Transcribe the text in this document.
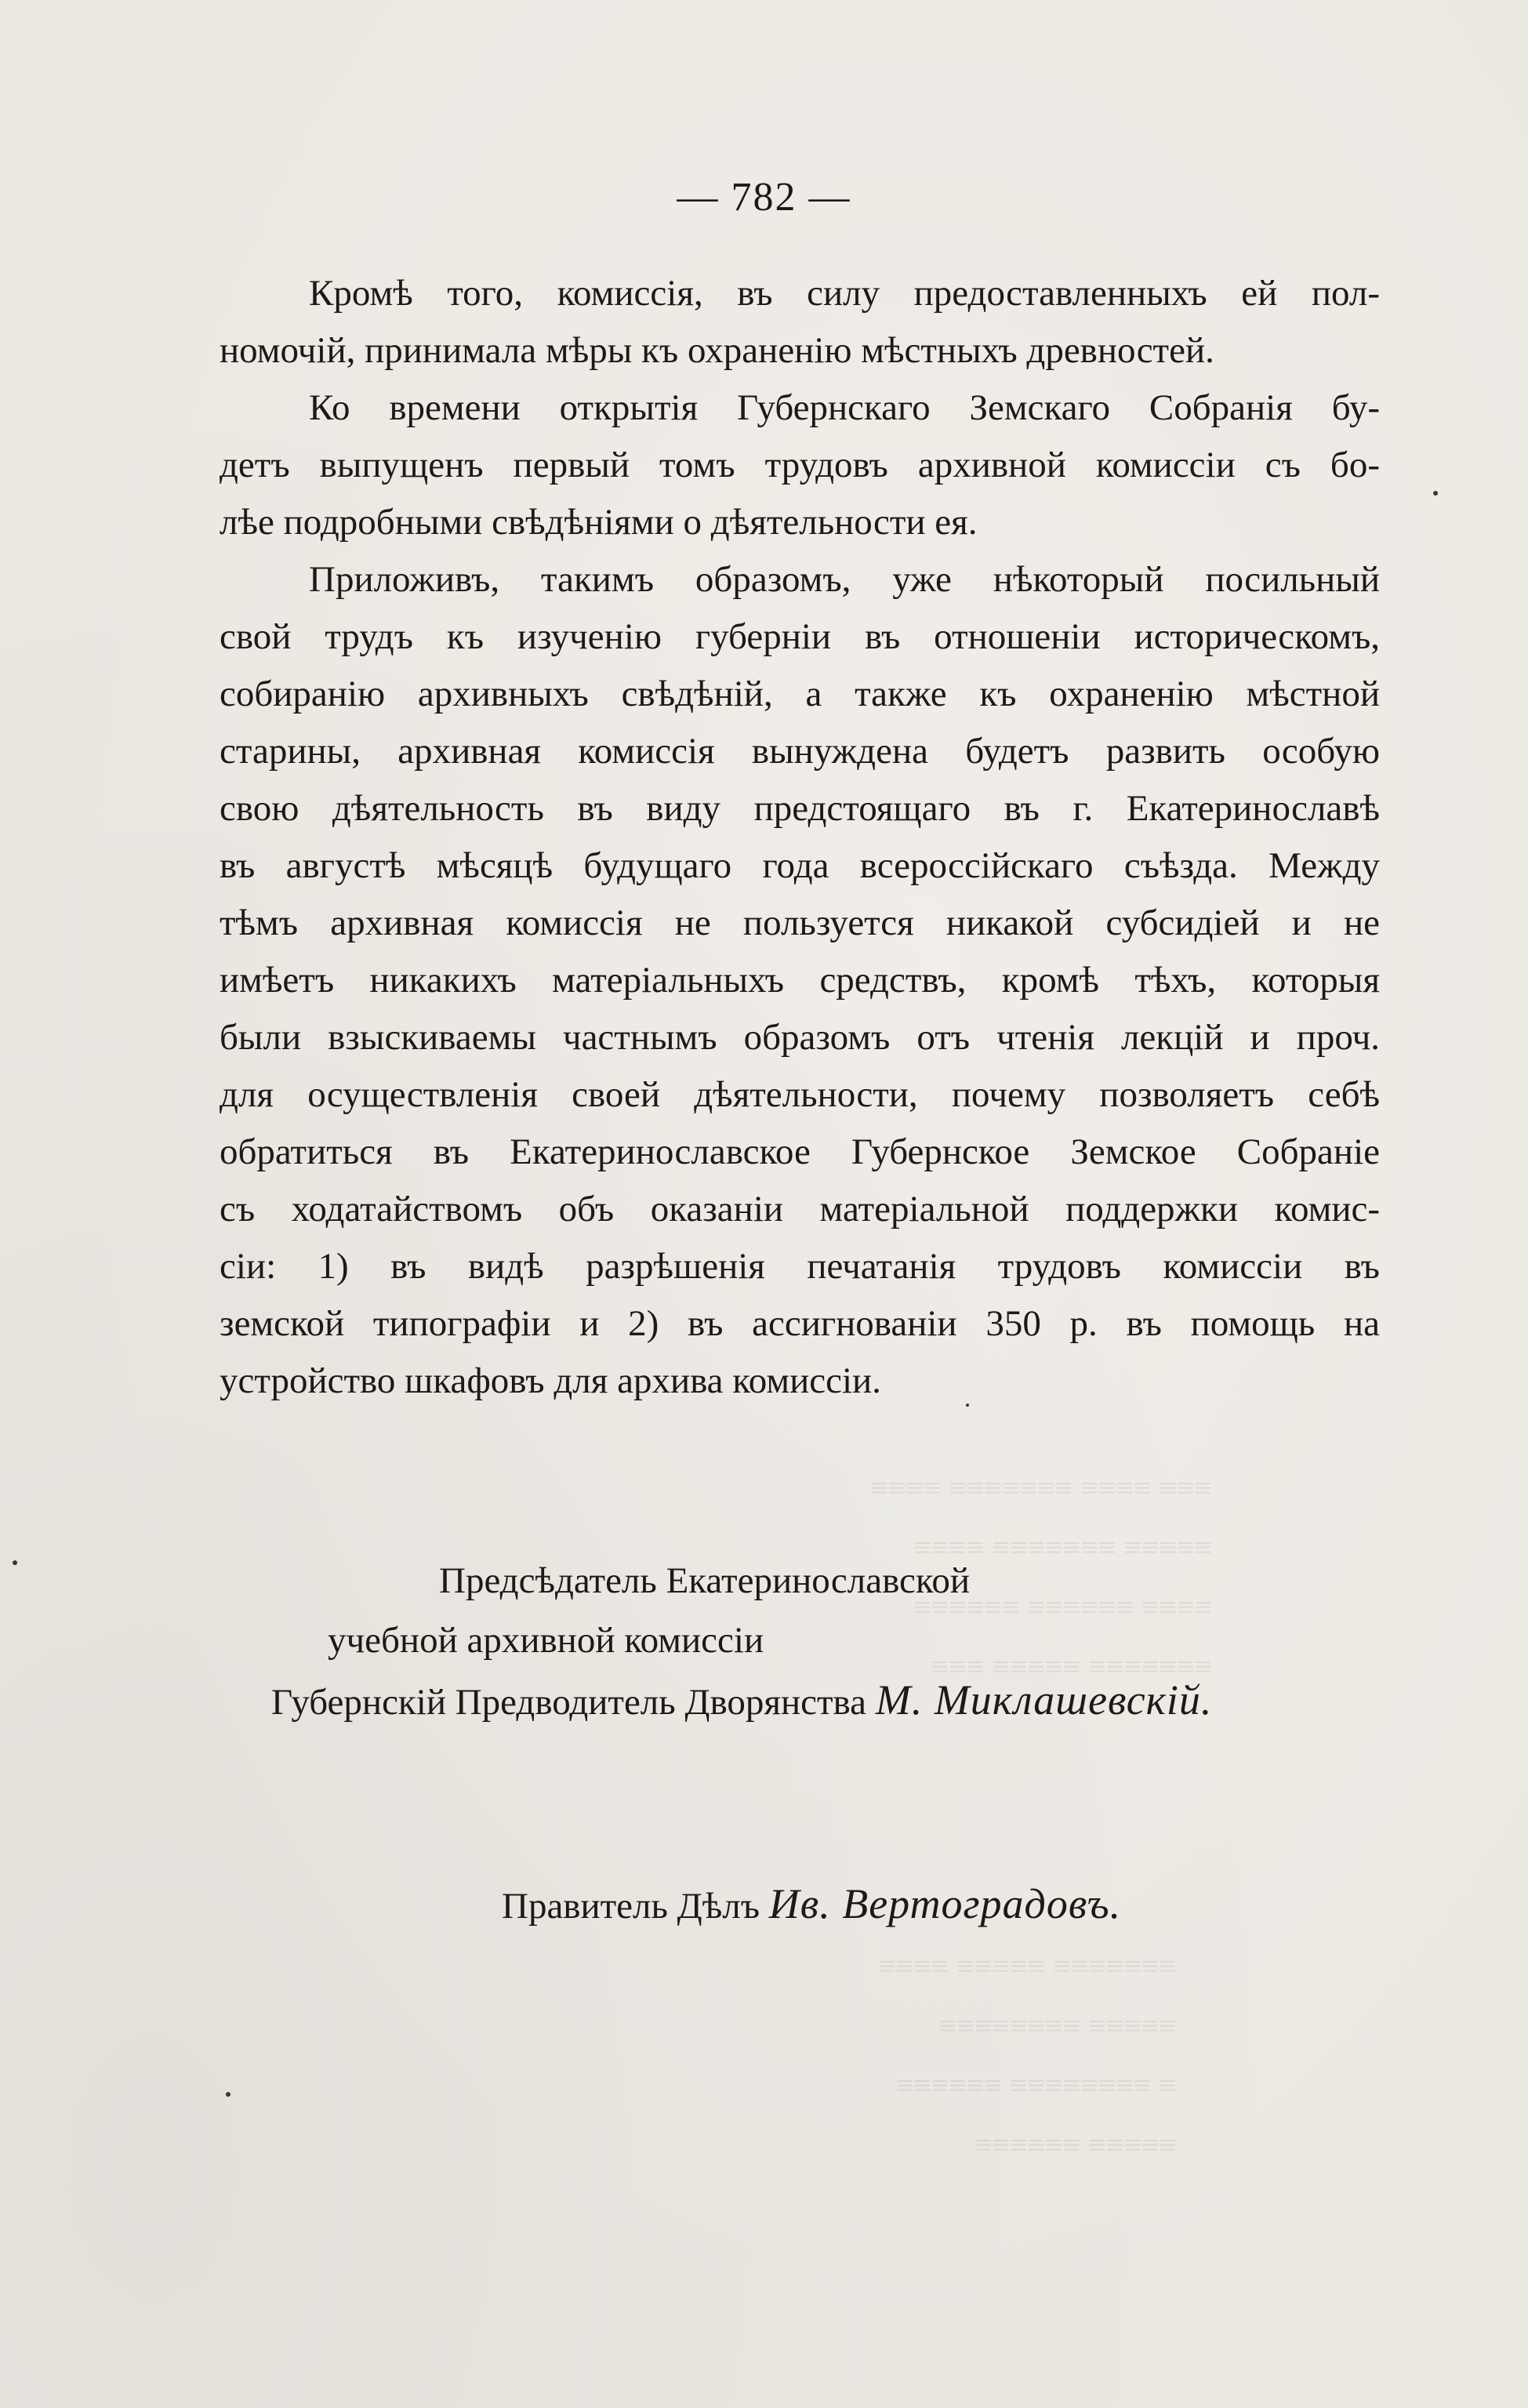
≡≡≡ ≡≡≡≡ ≡≡≡≡≡≡≡ ≡≡≡≡
≡≡≡≡≡ ≡≡≡≡≡≡≡ ≡≡≡≡
≡≡≡≡ ≡≡≡≡≡≡ ≡≡≡≡≡≡
≡≡≡≡≡≡≡ ≡≡≡≡≡ ≡≡≡
≡≡≡≡≡≡≡ ≡≡≡≡≡ ≡≡≡≡
≡≡≡≡≡ ≡≡≡≡≡≡≡≡
≡ ≡≡≡≡≡≡≡≡ ≡≡≡≡≡≡
≡≡≡≡≡ ≡≡≡≡≡≡
— 782 —

Кромѣ того, комиссія, въ силу предоставленныхъ ей пол-
номочій, принимала мѣры къ охраненію мѣстныхъ древностей.

Ко времени открытія Губернскаго Земскаго Собранія бу-
детъ выпущенъ первый томъ трудовъ архивной комиссіи съ бо-
лѣе подробными свѣдѣніями о дѣятельности ея.

Приложивъ, такимъ образомъ, уже нѣкоторый посильный
свой трудъ къ изученію губерніи въ отношеніи историческомъ,
собиранію архивныхъ свѣдѣній, а также къ охраненію мѣстной
старины, архивная комиссія вынуждена будетъ развить особую
свою дѣятельность въ виду предстоящаго въ г. Екатеринославѣ
въ августѣ мѣсяцѣ будущаго года всероссійскаго съѣзда. Между
тѣмъ архивная комиссія не пользуется никакой субсидіей и не
имѣетъ никакихъ матеріальныхъ средствъ, кромѣ тѣхъ, которыя
были взыскиваемы частнымъ образомъ отъ чтенія лекцій и проч.
для осуществленія своей дѣятельности, почему позволяетъ себѣ
обратиться въ Екатеринославское Губернское Земское Собраніе
съ ходатайствомъ объ оказаніи матеріальной поддержки комис-
сіи: 1) въ видѣ разрѣшенія печатанія трудовъ комиссіи въ
земской типографіи и 2) въ ассигнованіи 350 р. въ помощь на
устройство шкафовъ для архива комиссіи.

Предсѣдатель Екатеринославской
учебной архивной комиссіи
Губернскій Предводитель Дворянства М. Миклашевскій.
Правитель Дѣлъ Ив. Вертоградовъ.
